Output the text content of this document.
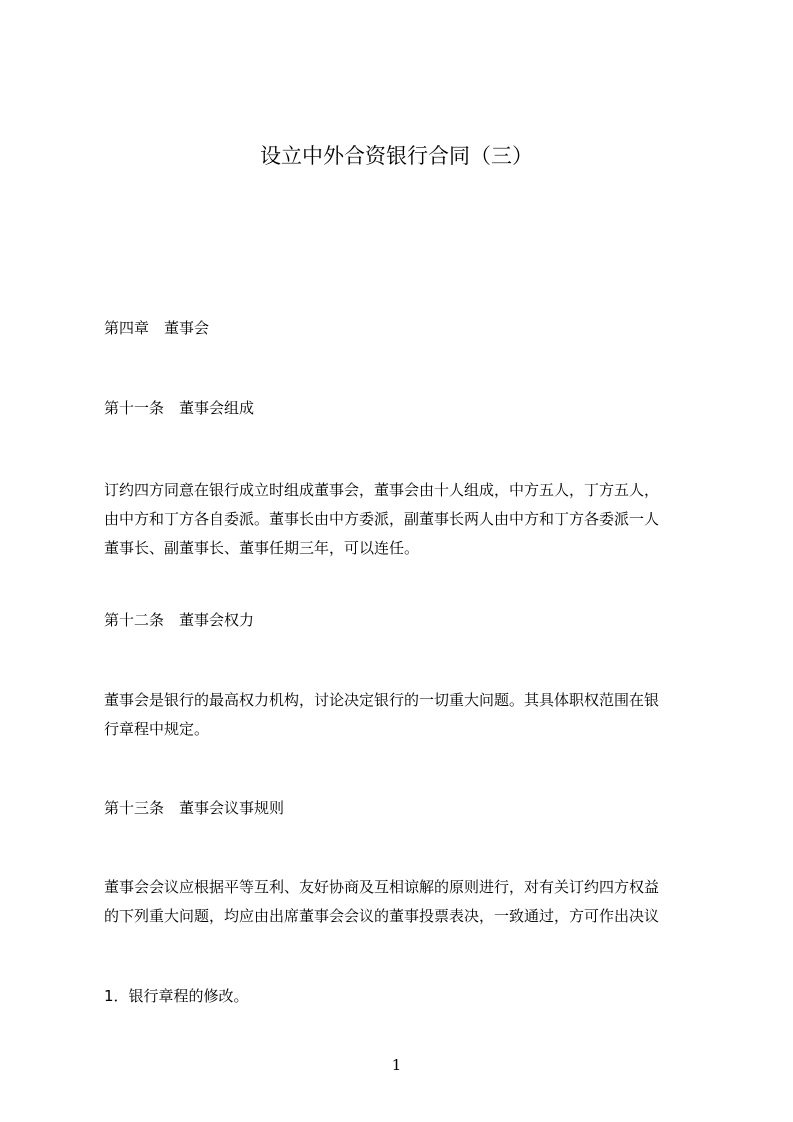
设立中外合资银行合同（三）
第四章　董事会
第十一条　董事会组成
订约四方同意在银行成立时组成董事会，董事会由十人组成，中方五人，丁方五人，
由中方和丁方各自委派。董事长由中方委派，副董事长两人由中方和丁方各委派一人
董事长、副董事长、董事任期三年，可以连任。
第十二条　董事会权力
董事会是银行的最高权力机构，讨论决定银行的一切重大问题。其具体职权范围在银
行章程中规定。
第十三条　董事会议事规则
董事会会议应根据平等互利、友好协商及互相谅解的原则进行，对有关订约四方权益
的下列重大问题，均应由出席董事会会议的董事投票表决，一致通过，方可作出决议
1．银行章程的修改。
1
